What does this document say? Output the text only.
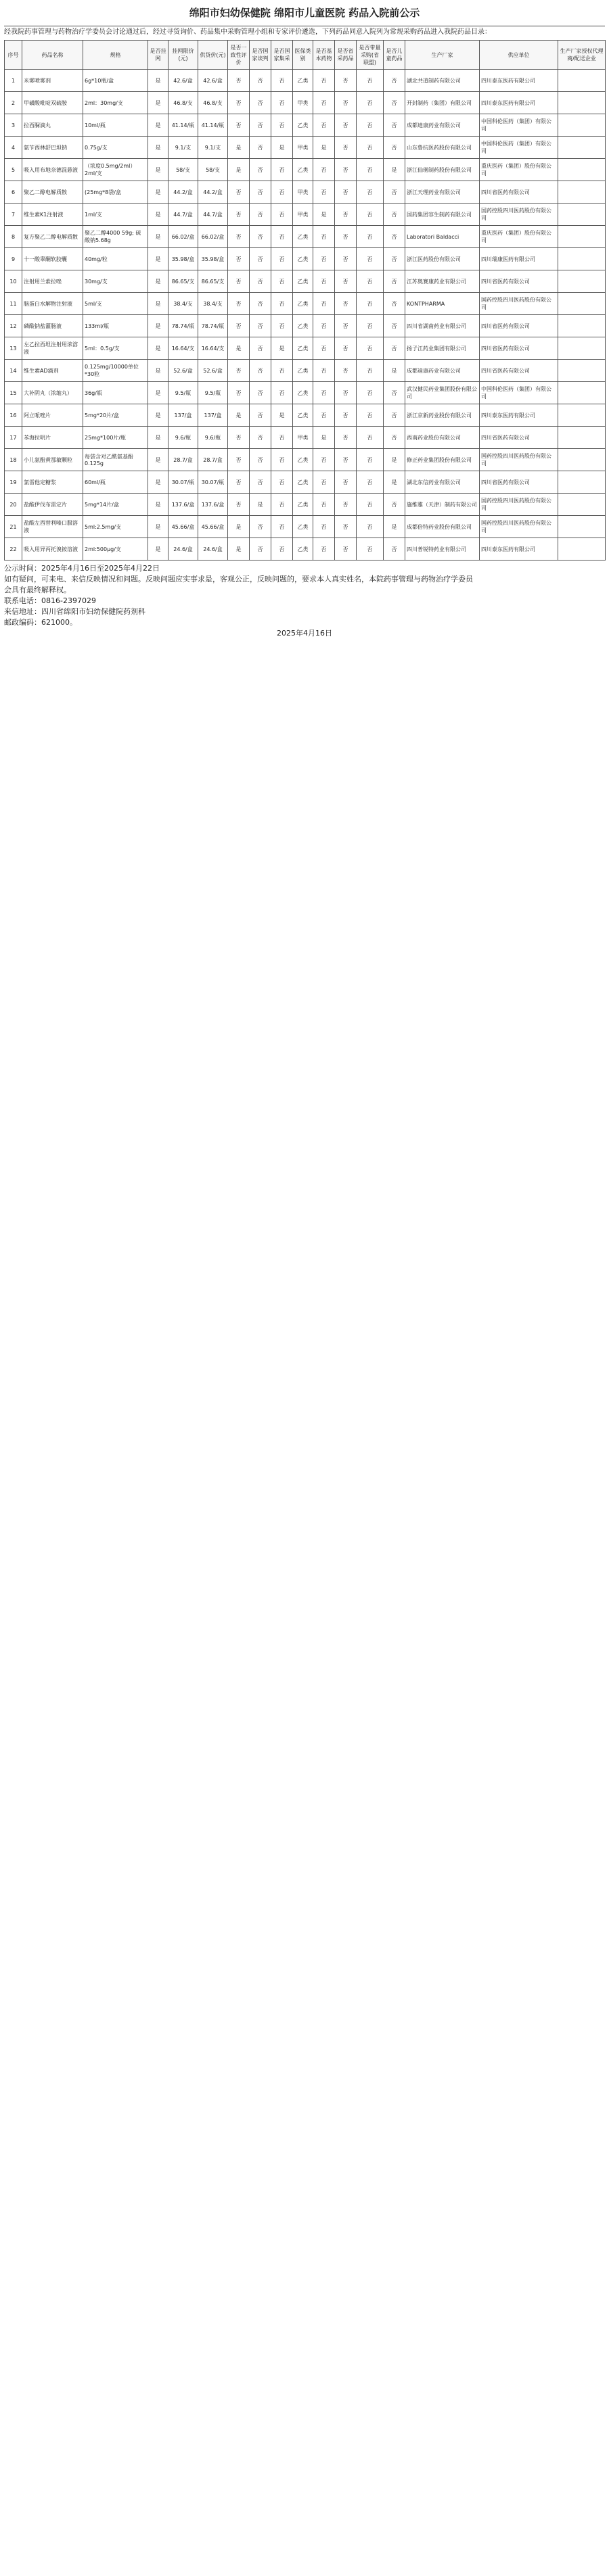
绵阳市妇幼保健院 绵阳市儿童医院 药品入院前公示
经我院药事管理与药物治疗学委员会讨论通过后，经过寻货询价、药品集中采购管理小组和专家评价遴选，下列药品同意入院列为常规采购药品进入我院药品目录：
序号	药品名称	规格	是否挂网	挂网限价(元)	供货价(元)	是否一致性评价	是否国家谈判	是否国家集采	医保类别	是否基本药物	是否省采药品	是否带量采购(省联盟)	是否儿童药品	生产厂家	供应单位	生产厂家授权代理商/配送企业
1	米雾喷雾剂	6g*10瓶/盒	是	42.6/盒	42.6/盒	否	否	否	乙类	否	否	否	否	湖北共道制药有限公司	四川泰东医药有限公司	
2	甲磺酸吡啶双硫胺	2ml：30mg/支	是	46.8/支	46.8/支	否	否	否	甲类	否	否	否	否	开封制药（集团）有限公司	四川泰东医药有限公司	
3	拉西脲滴丸	10ml/瓶	是	41.14/瓶	41.14/瓶	否	否	否	乙类	否	否	否	否	成都迪康药业有限公司	中国科伦医药（集团）有限公司	
4	氨苄西林舒巴坦钠	0.75g/支	是	9.1/支	9.1/支	是	否	是	甲类	是	否	否	否	山东鲁抗医药股份有限公司	中国科伦医药（集团）有限公司	
5	吸入用布地奈德混悬液	（浓度0.5mg/2ml）2ml/支	是	58/支	58/支	是	否	否	乙类	否	否	否	是	浙江仙琚制药股份有限公司	重庆医药（集团）股份有限公司	
6	聚乙二醇电解质散	(25mg*8袋/盒	是	44.2/盒	44.2/盒	否	否	否	甲类	否	否	否	否	浙江天理药业有限公司	四川省医药有限公司	
7	维生素K1注射液	1ml/支	是	44.7/盒	44.7/盒	否	否	否	甲类	是	否	否	否	国药集团容生制药有限公司	国药控股四川医药股份有限公司	
8	复方聚乙二醇电解质散	聚乙二醇4000 59g; 硫酸钠5.68g	是	66.02/盒	66.02/盒	否	否	否	乙类	否	否	否	否	Laboratori Baldacci	重庆医药（集团）股份有限公司	
9	十一酸睾酮软胶囊	40mg/粒	是	35.98/盒	35.98/盒	否	否	否	乙类	否	否	否	否	浙江医药股份有限公司	四川瑞康医药有限公司	
10	注射用兰索拉唑	30mg/支	是	86.65/支	86.65/支	否	否	否	乙类	否	否	否	否	江苏奥赛康药业有限公司	四川省医药有限公司	
11	脑蛋白水解物注射液	5ml/支	是	38.4/支	38.4/支	否	否	否	乙类	否	否	否	否	KONTPHARMA	国药控股四川医药股份有限公司	
12	磷酸钠盐灌肠液	133ml/瓶	是	78.74/瓶	78.74/瓶	否	否	否	乙类	否	否	否	否	四川省湖南药业有限公司	四川省医药有限公司	
13	左乙拉西坦注射用浓溶液	5ml：0.5g/支	是	16.64/支	16.64/支	是	否	是	乙类	否	否	否	否	扬子江药业集团有限公司	四川省医药有限公司	
14	维生素AD滴剂	0.125mg/10000单位*30粒	是	52.6/盒	52.6/盒	否	否	否	乙类	否	否	否	是	成都迪康药业有限公司	四川省医药有限公司	
15	大补阴丸（浓缩丸）	36g/瓶	是	9.5/瓶	9.5/瓶	否	否	否	乙类	否	否	否	否	武汉健民药业集团股份有限公司	中国科伦医药（集团）有限公司	
16	阿立哌唑片	5mg*20片/盒	是	137/盒	137/盒	是	否	是	乙类	否	否	否	否	浙江京新药业股份有限公司	四川泰东医药有限公司	
17	苯海拉明片	25mg*100片/瓶	是	9.6/瓶	9.6/瓶	否	否	否	甲类	是	否	否	否	西南药业股份有限公司	四川省医药有限公司	
18	小儿氨酚黄那敏颗粒	每袋含对乙酰氨基酚0.125g	是	28.7/盒	28.7/盒	否	否	否	乙类	否	否	否	是	修正药业集团股份有限公司	国药控股四川医药股份有限公司	
19	氯雷他定糖浆	60ml/瓶	是	30.07/瓶	30.07/瓶	否	否	否	乙类	否	否	否	是	湖北东信药业有限公司	四川省医药有限公司	
20	盐酸伊伐布雷定片	5mg*14片/盒	是	137.6/盒	137.6/盒	否	是	否	乙类	否	否	否	否	施维雅（天津）制药有限公司	国药控股四川医药股份有限公司	
21	盐酸左西替利嗪口服溶液	5ml:2.5mg/支	是	45.66/盒	45.66/盒	是	否	否	乙类	否	否	否	是	成都倍特药业股份有限公司	国药控股四川医药股份有限公司	
22	吸入用异丙托溴铵溶液	2ml:500μg/支	是	24.6/盒	24.6/盒	是	否	否	乙类	否	否	否	否	四川普锐特药业有限公司	四川泰东医药有限公司	
公示时间：2025年4月16日至2025年4月22日
如有疑问，可来电、来信反映情况和问题。反映问题应实事求是，客观公正，反映问题的，要求本人真实姓名，本院药事管理与药物治疗学委员
会具有最终解释权。
联系电话：0816-2397029
来信地址：四川省绵阳市妇幼保健院药剂科
邮政编码：621000。
2025年4月16日
